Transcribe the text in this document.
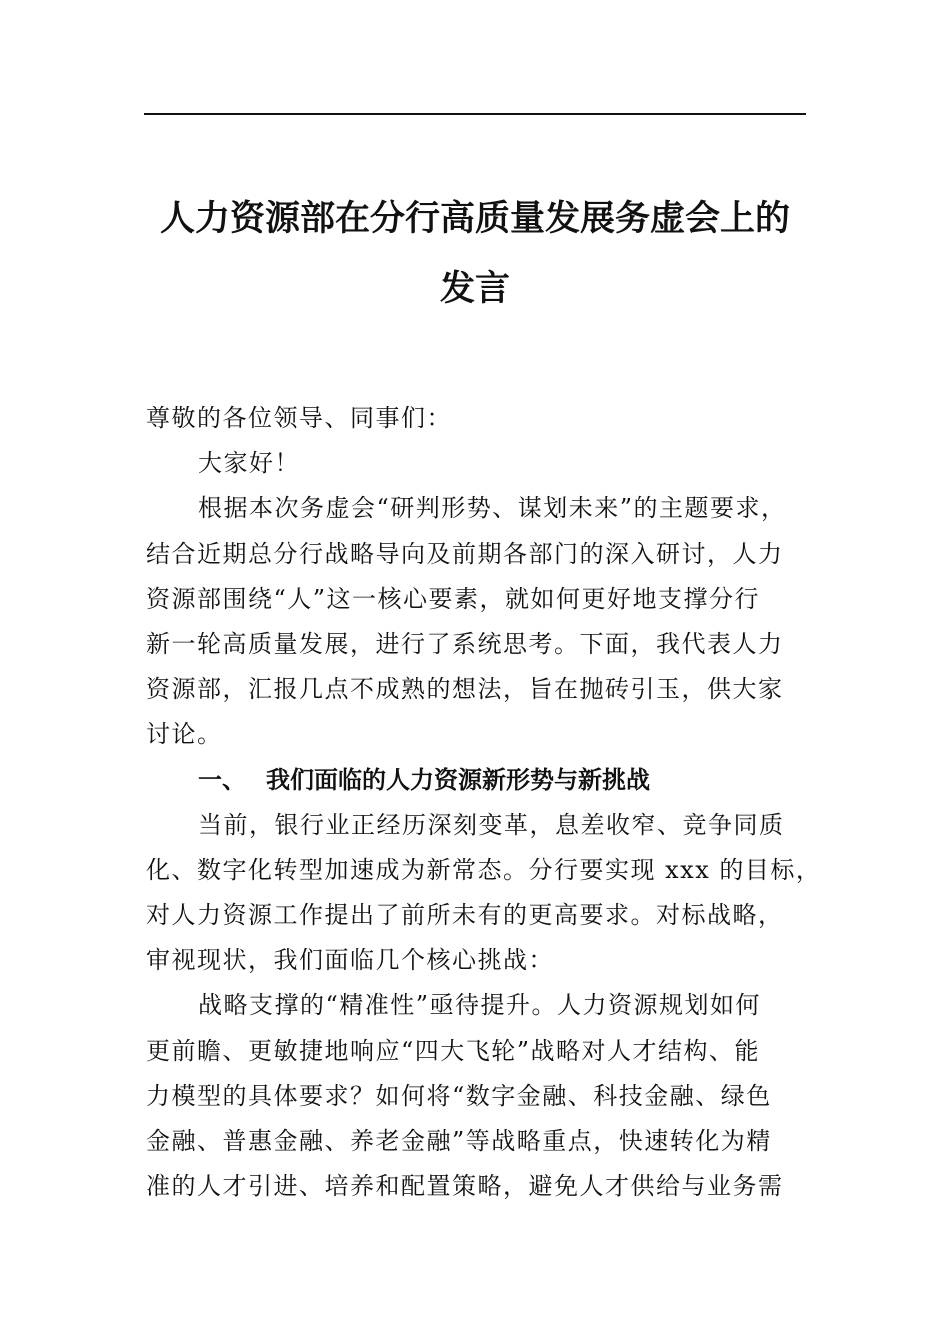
人力资源部在分行高质量发展务虚会上的
发言
尊敬的各位领导、同事们：
大家好！
根据本次务虚会“研判形势、谋划未来”的主题要求，
结合近期总分行战略导向及前期各部门的深入研讨，人力
资源部围绕“人”这一核心要素，就如何更好地支撑分行
新一轮高质量发展，进行了系统思考。下面，我代表人力
资源部，汇报几点不成熟的想法，旨在抛砖引玉，供大家
讨论。
一、 我们面临的人力资源新形势与新挑战
当前，银行业正经历深刻变革，息差收窄、竞争同质
化、数字化转型加速成为新常态。分行要实现 xxx 的目标，
对人力资源工作提出了前所未有的更高要求。对标战略，
审视现状，我们面临几个核心挑战：
战略支撑的“精准性”亟待提升。人力资源规划如何
更前瞻、更敏捷地响应“四大飞轮”战略对人才结构、能
力模型的具体要求？如何将“数字金融、科技金融、绿色
金融、普惠金融、养老金融”等战略重点，快速转化为精
准的人才引进、培养和配置策略，避免人才供给与业务需
